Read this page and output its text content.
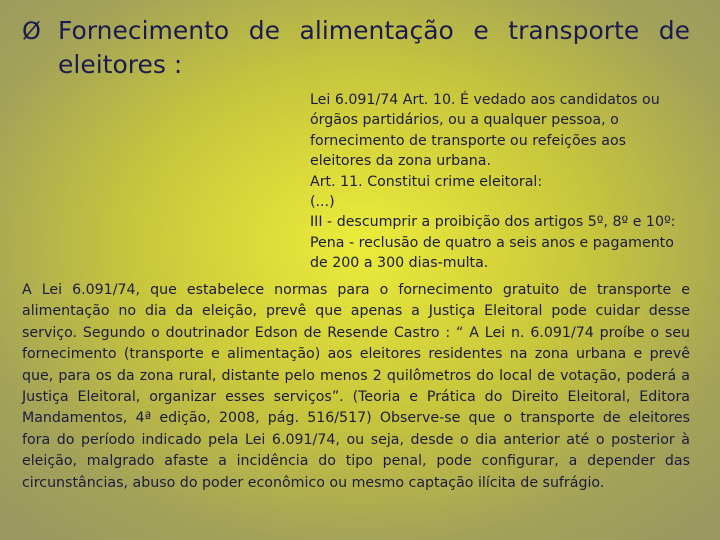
Ø Fornecimento de alimentação e transporte de
eleitores :
Lei 6.091/74 Art. 10. É vedado aos candidatos ou
órgãos partidários, ou a qualquer pessoa, o
fornecimento de transporte ou refeições aos
eleitores da zona urbana.
Art. 11. Constitui crime eleitoral:
(...)
III - descumprir a proibição dos artigos 5º, 8º e 10º:
Pena - reclusão de quatro a seis anos e pagamento
de 200 a 300 dias-multa.
A Lei 6.091/74, que estabelece normas para o fornecimento gratuito de transporte e
alimentação no dia da eleição, prevê que apenas a Justiça Eleitoral pode cuidar desse
serviço. Segundo o doutrinador Edson de Resende Castro : “ A Lei n. 6.091/74 proíbe o seu
fornecimento (transporte e alimentação) aos eleitores residentes na zona urbana e prevê
que, para os da zona rural, distante pelo menos 2 quilômetros do local de votação, poderá a
Justiça Eleitoral, organizar esses serviços”. (Teoria e Prática do Direito Eleitoral, Editora
Mandamentos, 4ª edição, 2008, pág. 516/517) Observe-se que o transporte de eleitores
fora do período indicado pela Lei 6.091/74, ou seja, desde o dia anterior até o posterior à
eleição, malgrado afaste a incidência do tipo penal, pode configurar, a depender das
circunstâncias, abuso do poder econômico ou mesmo captação ilícita de sufrágio.
